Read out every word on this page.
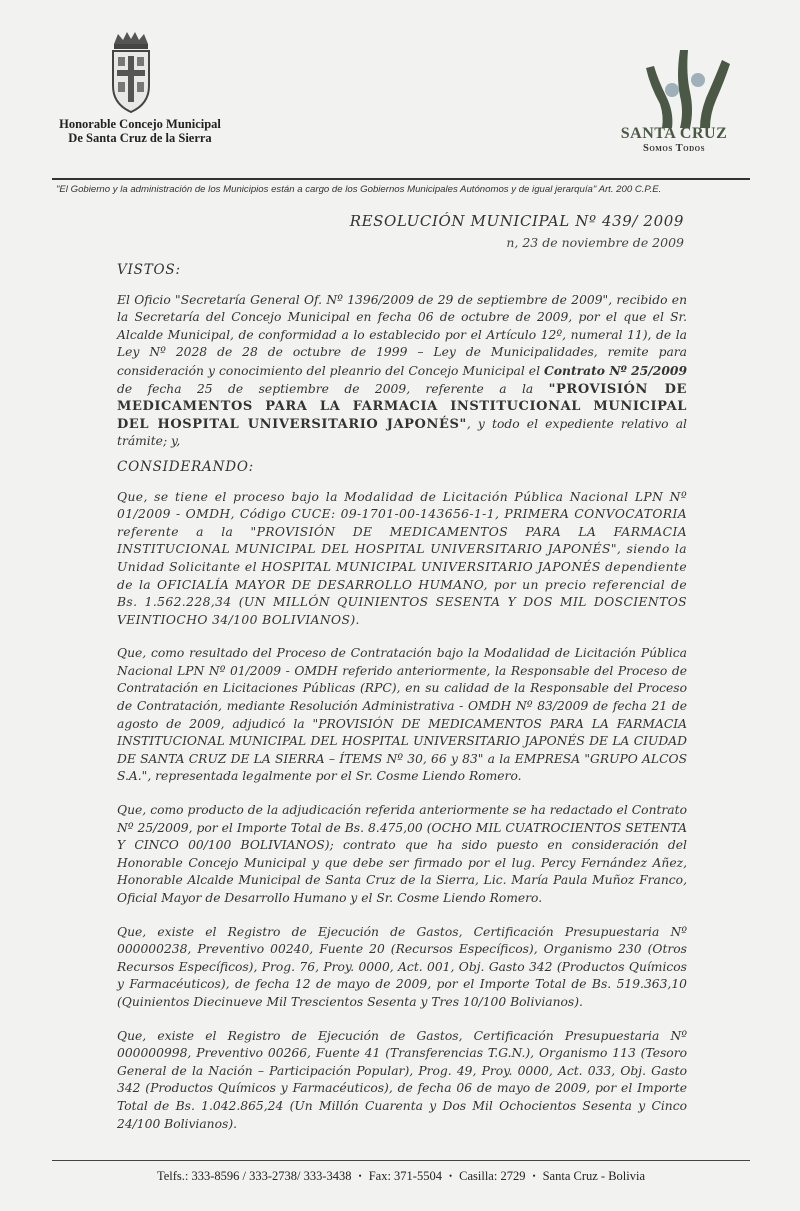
Honorable Concejo Municipal
De Santa Cruz de la Sierra	SANTA CRUZ
Somos Todos
"El Gobierno y la administración de los Municipios están a cargo de los Gobiernos Municipales Autónomos y de igual jerarquía" Art. 200 C.P.E.
RESOLUCIÓN MUNICIPAL Nº 439/ 2009
n, 23 de noviembre de 2009
VISTOS:

El Oficio "Secretaría General Of. Nº 1396/2009 de 29 de septiembre de 2009", recibido en la Secretaría del Concejo Municipal en fecha 06 de octubre de 2009, por el que el Sr. Alcalde Municipal, de conformidad a lo establecido por el Artículo 12º, numeral 11), de la Ley Nº 2028 de 28 de octubre de 1999 – Ley de Municipalidades, remite para consideración y conocimiento del pleanrio del Concejo Municipal el Contrato Nº 25/2009 de fecha 25 de septiembre de 2009, referente a la "PROVISIÓN DE MEDICAMENTOS PARA LA FARMACIA INSTITUCIONAL MUNICIPAL DEL HOSPITAL UNIVERSITARIO JAPONÉS", y todo el expediente relativo al trámite; y,

CONSIDERANDO:

Que, se tiene el proceso bajo la Modalidad de Licitación Pública Nacional LPN Nº 01/2009 - OMDH, Código CUCE: 09-1701-00-143656-1-1, PRIMERA CONVOCATORIA referente a la "PROVISIÓN DE MEDICAMENTOS PARA LA FARMACIA INSTITUCIONAL MUNICIPAL DEL HOSPITAL UNIVERSITARIO JAPONÉS", siendo la Unidad Solicitante el HOSPITAL MUNICIPAL UNIVERSITARIO JAPONÉS dependiente de la OFICIALÍA MAYOR DE DESARROLLO HUMANO, por un precio referencial de Bs. 1.562.228,34 (UN MILLÓN QUINIENTOS SESENTA Y DOS MIL DOSCIENTOS VEINTIOCHO 34/100 BOLIVIANOS).

Que, como resultado del Proceso de Contratación bajo la Modalidad de Licitación Pública Nacional LPN Nº 01/2009 - OMDH referido anteriormente, la Responsable del Proceso de Contratación en Licitaciones Públicas (RPC), en su calidad de la Responsable del Proceso de Contratación, mediante Resolución Administrativa - OMDH Nº 83/2009 de fecha 21 de agosto de 2009, adjudicó la "PROVISIÓN DE MEDICAMENTOS PARA LA FARMACIA INSTITUCIONAL MUNICIPAL DEL HOSPITAL UNIVERSITARIO JAPONÉS DE LA CIUDAD DE SANTA CRUZ DE LA SIERRA – ÍTEMS Nº 30, 66 y 83" a la EMPRESA "GRUPO ALCOS S.A.", representada legalmente por el Sr. Cosme Liendo Romero.

Que, como producto de la adjudicación referida anteriormente se ha redactado el Contrato Nº 25/2009, por el Importe Total de Bs. 8.475,00 (OCHO MIL CUATROCIENTOS SETENTA Y CINCO 00/100 BOLIVIANOS); contrato que ha sido puesto en consideración del Honorable Concejo Municipal y que debe ser firmado por el lug. Percy Fernández Añez, Honorable Alcalde Municipal de Santa Cruz de la Sierra, Lic. María Paula Muñoz Franco, Oficial Mayor de Desarrollo Humano y el Sr. Cosme Liendo Romero.

Que, existe el Registro de Ejecución de Gastos, Certificación Presupuestaria Nº 000000238, Preventivo 00240, Fuente 20 (Recursos Específicos), Organismo 230 (Otros Recursos Específicos), Prog. 76, Proy. 0000, Act. 001, Obj. Gasto 342 (Productos Químicos y Farmacéuticos), de fecha 12 de mayo de 2009, por el Importe Total de Bs. 519.363,10 (Quinientos Diecinueve Mil Trescientos Sesenta y Tres 10/100 Bolivianos).

Que, existe el Registro de Ejecución de Gastos, Certificación Presupuestaria Nº 000000998, Preventivo 00266, Fuente 41 (Transferencias T.G.N.), Organismo 113 (Tesoro General de la Nación – Participación Popular), Prog. 49, Proy. 0000, Act. 033, Obj. Gasto 342 (Productos Químicos y Farmacéuticos), de fecha 06 de mayo de 2009, por el Importe Total de Bs. 1.042.865,24 (Un Millón Cuarenta y Dos Mil Ochocientos Sesenta y Cinco 24/100 Bolivianos).

Telfs.: 333-8596 / 333-2738/ 333-3438 • Fax: 371-5504 • Casilla: 2729 • Santa Cruz - Bolivia
